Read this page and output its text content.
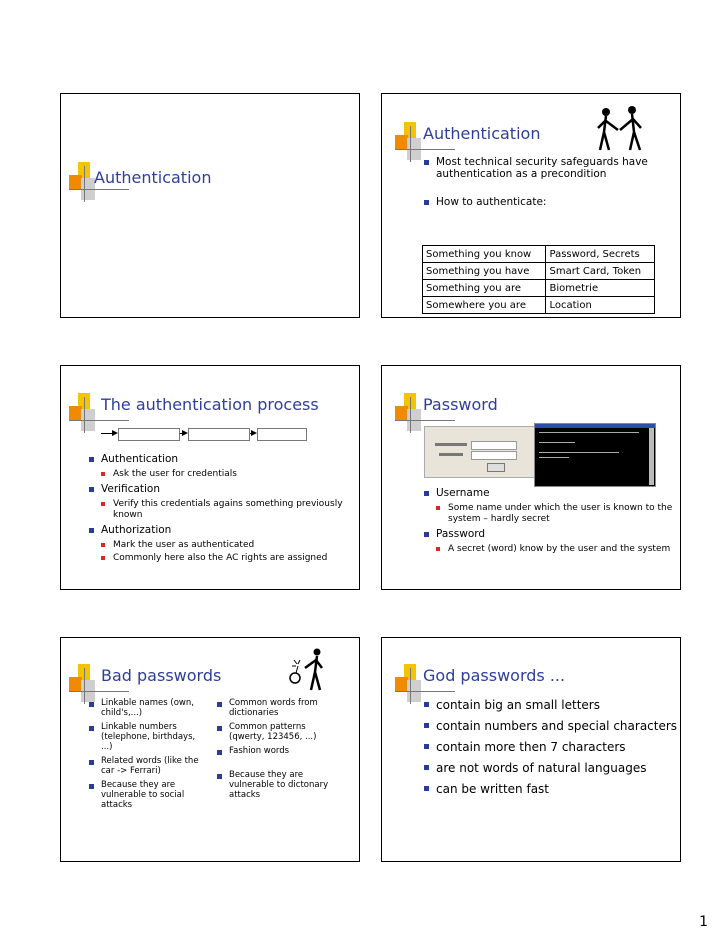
Authentication
Authentication
Most technical security safeguards have authentication as a precondition
How to authenticate:
Something you know	Password, Secrets
Something you have	Smart Card, Token
Something you are	Biometrie
Somewhere you are	Location
The authentication process
Authentication
Ask the user for credentials
Verification
Verify this credentials agains something previously known
Authorization
Mark the user as authenticated
Commonly here also the AC rights are assigned
Password
Username
Some name under which the user is known to the system – hardly secret
Password
A secret (word) know by the user and the system
Bad passwords
Linkable names (own, child's,...)
Linkable numbers (telephone, birthdays, ...)
Related words (like the car -> Ferrari)
Because they are vulnerable to social attacks
Common words from dictionaries
Common patterns (qwerty, 123456, ...)
Fashion words
Because they are vulnerable to dictonary attacks
God passwords ...
contain big an small letters
contain numbers and special characters
contain more then 7 characters
are not words of natural languages
can be written fast
1
